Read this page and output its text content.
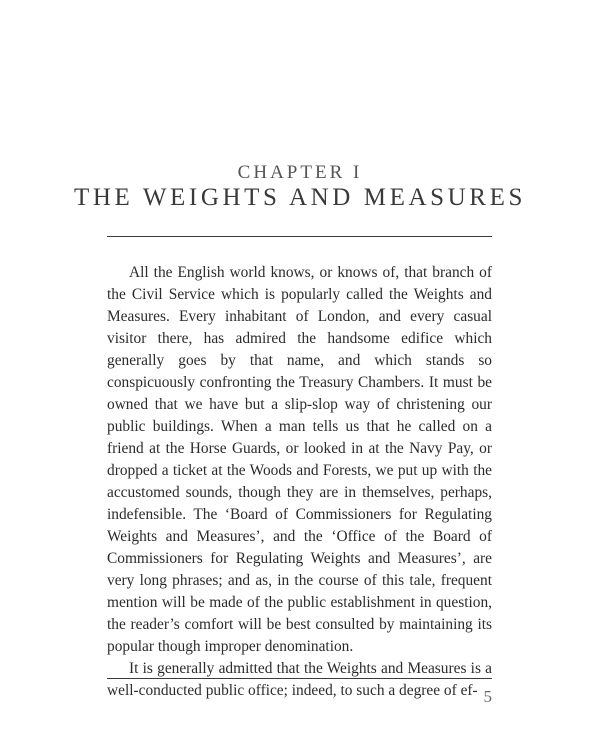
CHAPTER I
THE WEIGHTS AND MEASURES

All the English world knows, or knows of, that branch of the Civil Service which is popularly called the Weights and Measures. Every inhabitant of London, and every casual visitor there, has admired the handsome edifice which generally goes by that name, and which stands so conspicuously confronting the Treasury Chambers. It must be owned that we have but a slip-slop way of christening our public buildings. When a man tells us that he called on a friend at the Horse Guards, or looked in at the Navy Pay, or dropped a ticket at the Woods and Forests, we put up with the accustomed sounds, though they are in themselves, perhaps, indefensible. The ‘Board of Commissioners for Regulating Weights and Measures’, and the ‘Office of the Board of Commissioners for Regulating Weights and Measures’, are very long phrases; and as, in the course of this tale, frequent mention will be made of the public establishment in question, the reader’s comfort will be best consulted by maintaining its popular though improper denomination.

It is generally admitted that the Weights and Measures is a well-conducted public office; indeed, to such a degree of ef- 5
